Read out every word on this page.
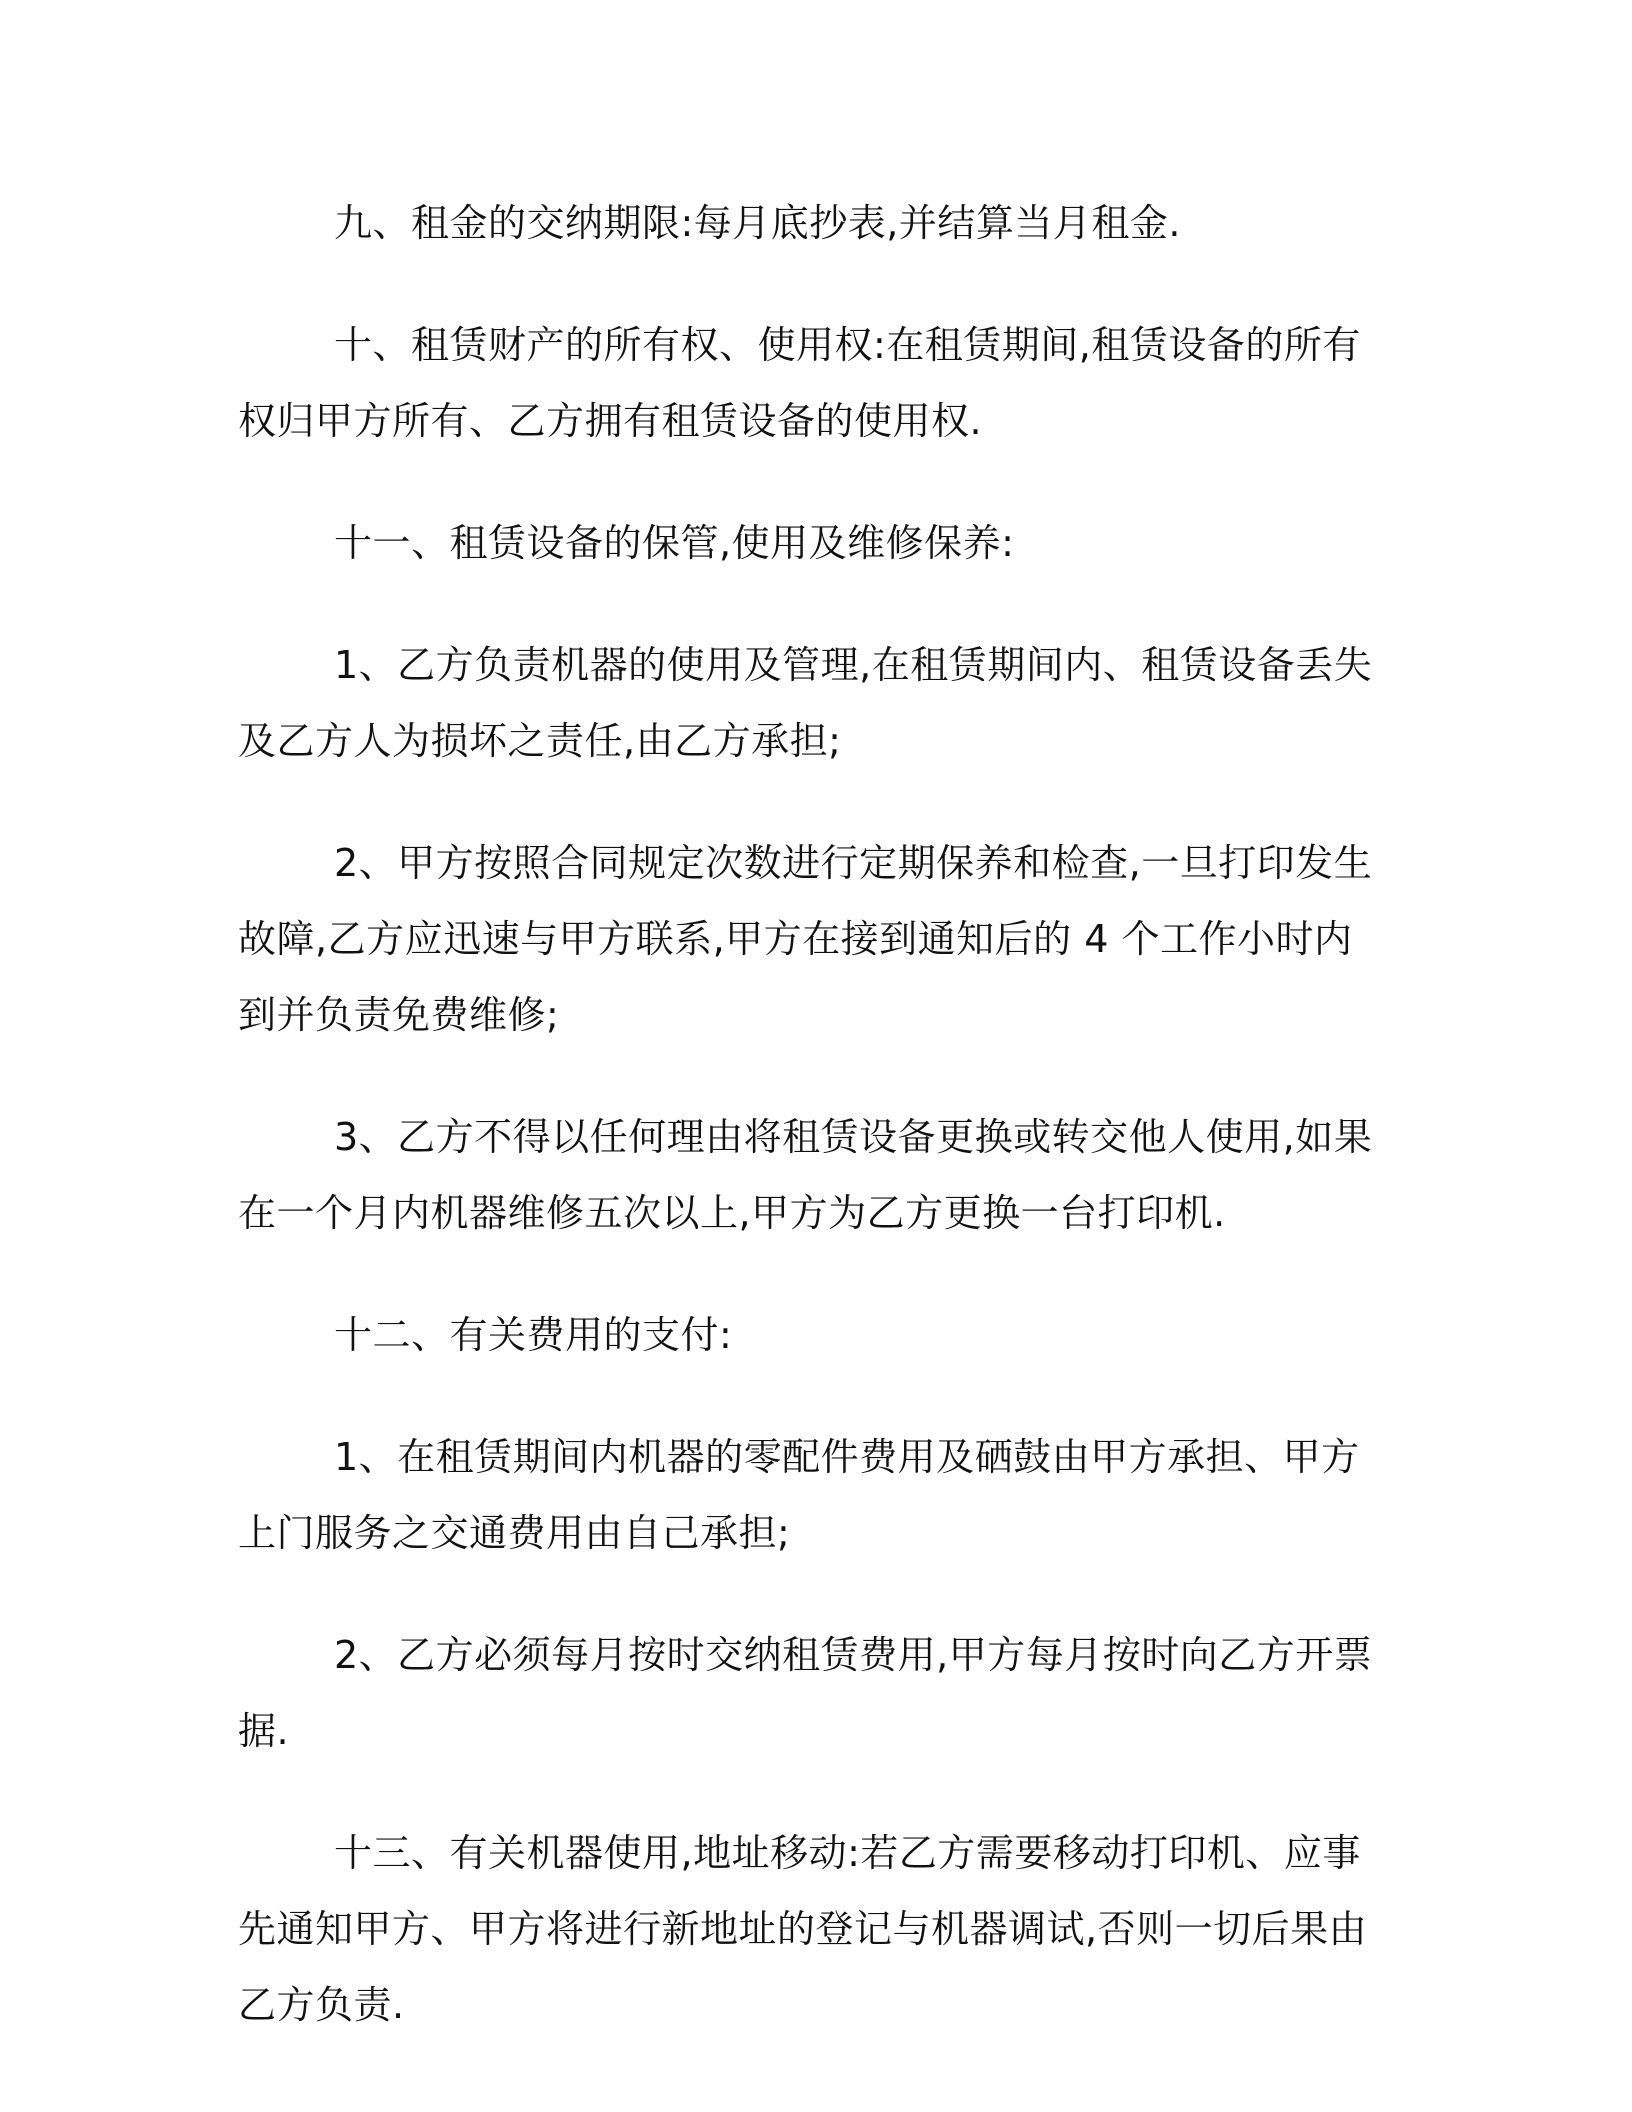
九、租金的交纳期限:每月底抄表,并结算当月租金.

十、租赁财产的所有权、使用权:在租赁期间,租赁设备的所有权归甲方所有、乙方拥有租赁设备的使用权.

十一、租赁设备的保管,使用及维修保养:

1、乙方负责机器的使用及管理,在租赁期间内、租赁设备丢失及乙方人为损坏之责任,由乙方承担;

2、甲方按照合同规定次数进行定期保养和检查,一旦打印发生故障,乙方应迅速与甲方联系,甲方在接到通知后的 4 个工作小时内到并负责免费维修;

3、乙方不得以任何理由将租赁设备更换或转交他人使用,如果在一个月内机器维修五次以上,甲方为乙方更换一台打印机.

十二、有关费用的支付:

1、在租赁期间内机器的零配件费用及硒鼓由甲方承担、甲方上门服务之交通费用由自己承担;

2、乙方必须每月按时交纳租赁费用,甲方每月按时向乙方开票据.

十三、有关机器使用,地址移动:若乙方需要移动打印机、应事先通知甲方、甲方将进行新地址的登记与机器调试,否则一切后果由乙方负责.
